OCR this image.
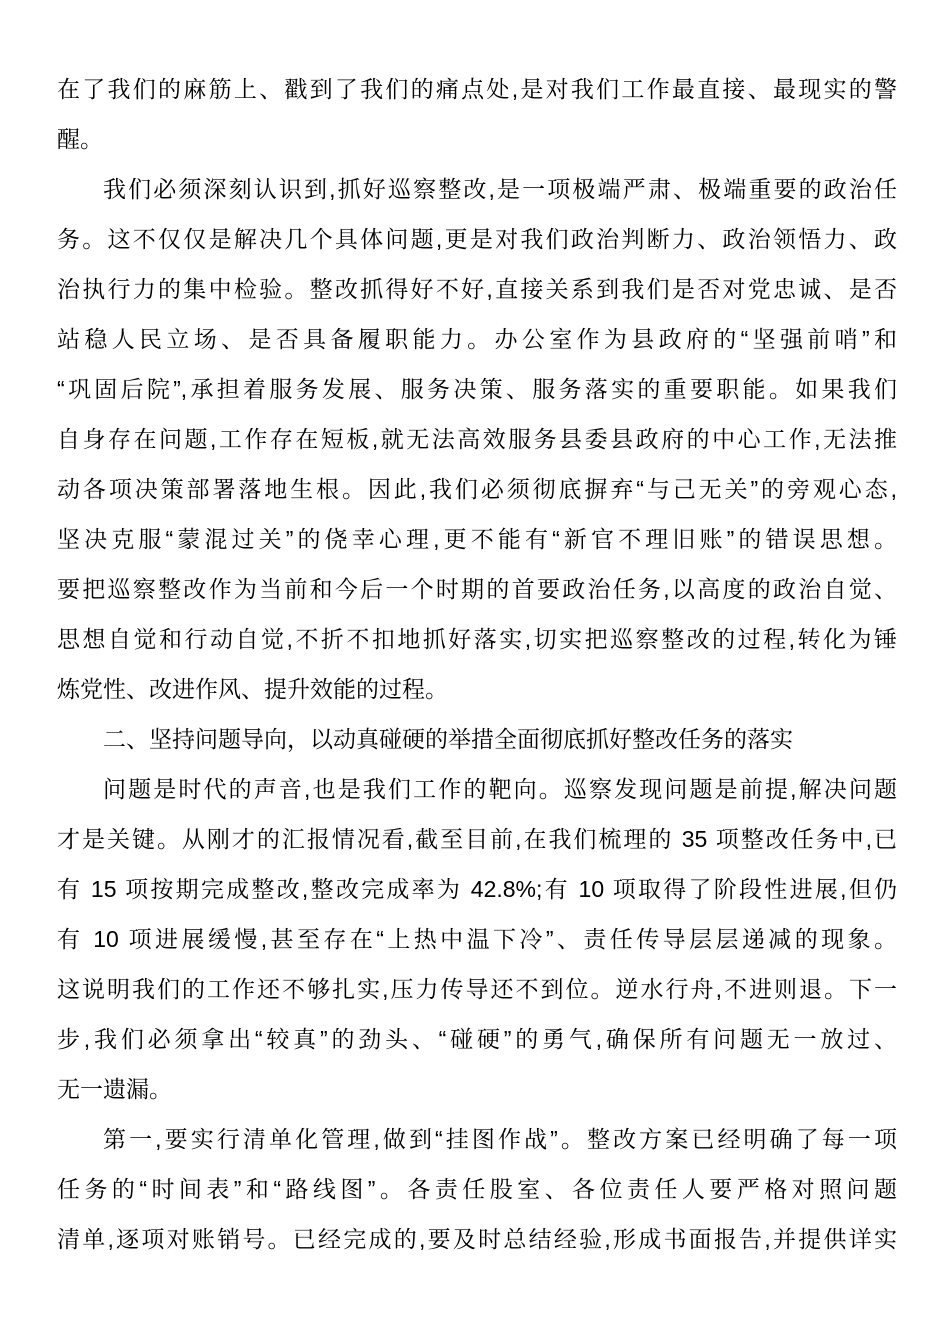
在了我们的麻筋上、戳到了我们的痛点处,是对我们工作最直接、最现实的警
醒。
我们必须深刻认识到,抓好巡察整改,是一项极端严肃、极端重要的政治任
务。这不仅仅是解决几个具体问题,更是对我们政治判断力、政治领悟力、政
治执行力的集中检验。整改抓得好不好,直接关系到我们是否对党忠诚、是否
站稳人民立场、是否具备履职能力。办公室作为县政府的“坚强前哨”和
“巩固后院”,承担着服务发展、服务决策、服务落实的重要职能。如果我们
自身存在问题,工作存在短板,就无法高效服务县委县政府的中心工作,无法推
动各项决策部署落地生根。因此,我们必须彻底摒弃“与己无关”的旁观心态,
坚决克服“蒙混过关”的侥幸心理,更不能有“新官不理旧账”的错误思想。
要把巡察整改作为当前和今后一个时期的首要政治任务,以高度的政治自觉、
思想自觉和行动自觉,不折不扣地抓好落实,切实把巡察整改的过程,转化为锤
炼党性、改进作风、提升效能的过程。
二、坚持问题导向，以动真碰硬的举措全面彻底抓好整改任务的落实
问题是时代的声音,也是我们工作的靶向。巡察发现问题是前提,解决问题
才是关键。从刚才的汇报情况看,截至目前,在我们梳理的 35 项整改任务中,已
有 15 项按期完成整改,整改完成率为 42.8%;有 10 项取得了阶段性进展,但仍
有 10 项进展缓慢,甚至存在“上热中温下冷”、责任传导层层递减的现象。
这说明我们的工作还不够扎实,压力传导还不到位。逆水行舟,不进则退。下一
步,我们必须拿出“较真”的劲头、“碰硬”的勇气,确保所有问题无一放过、
无一遗漏。
第一,要实行清单化管理,做到“挂图作战”。整改方案已经明确了每一项
任务的“时间表”和“路线图”。各责任股室、各位责任人要严格对照问题
清单,逐项对账销号。已经完成的,要及时总结经验,形成书面报告,并提供详实
